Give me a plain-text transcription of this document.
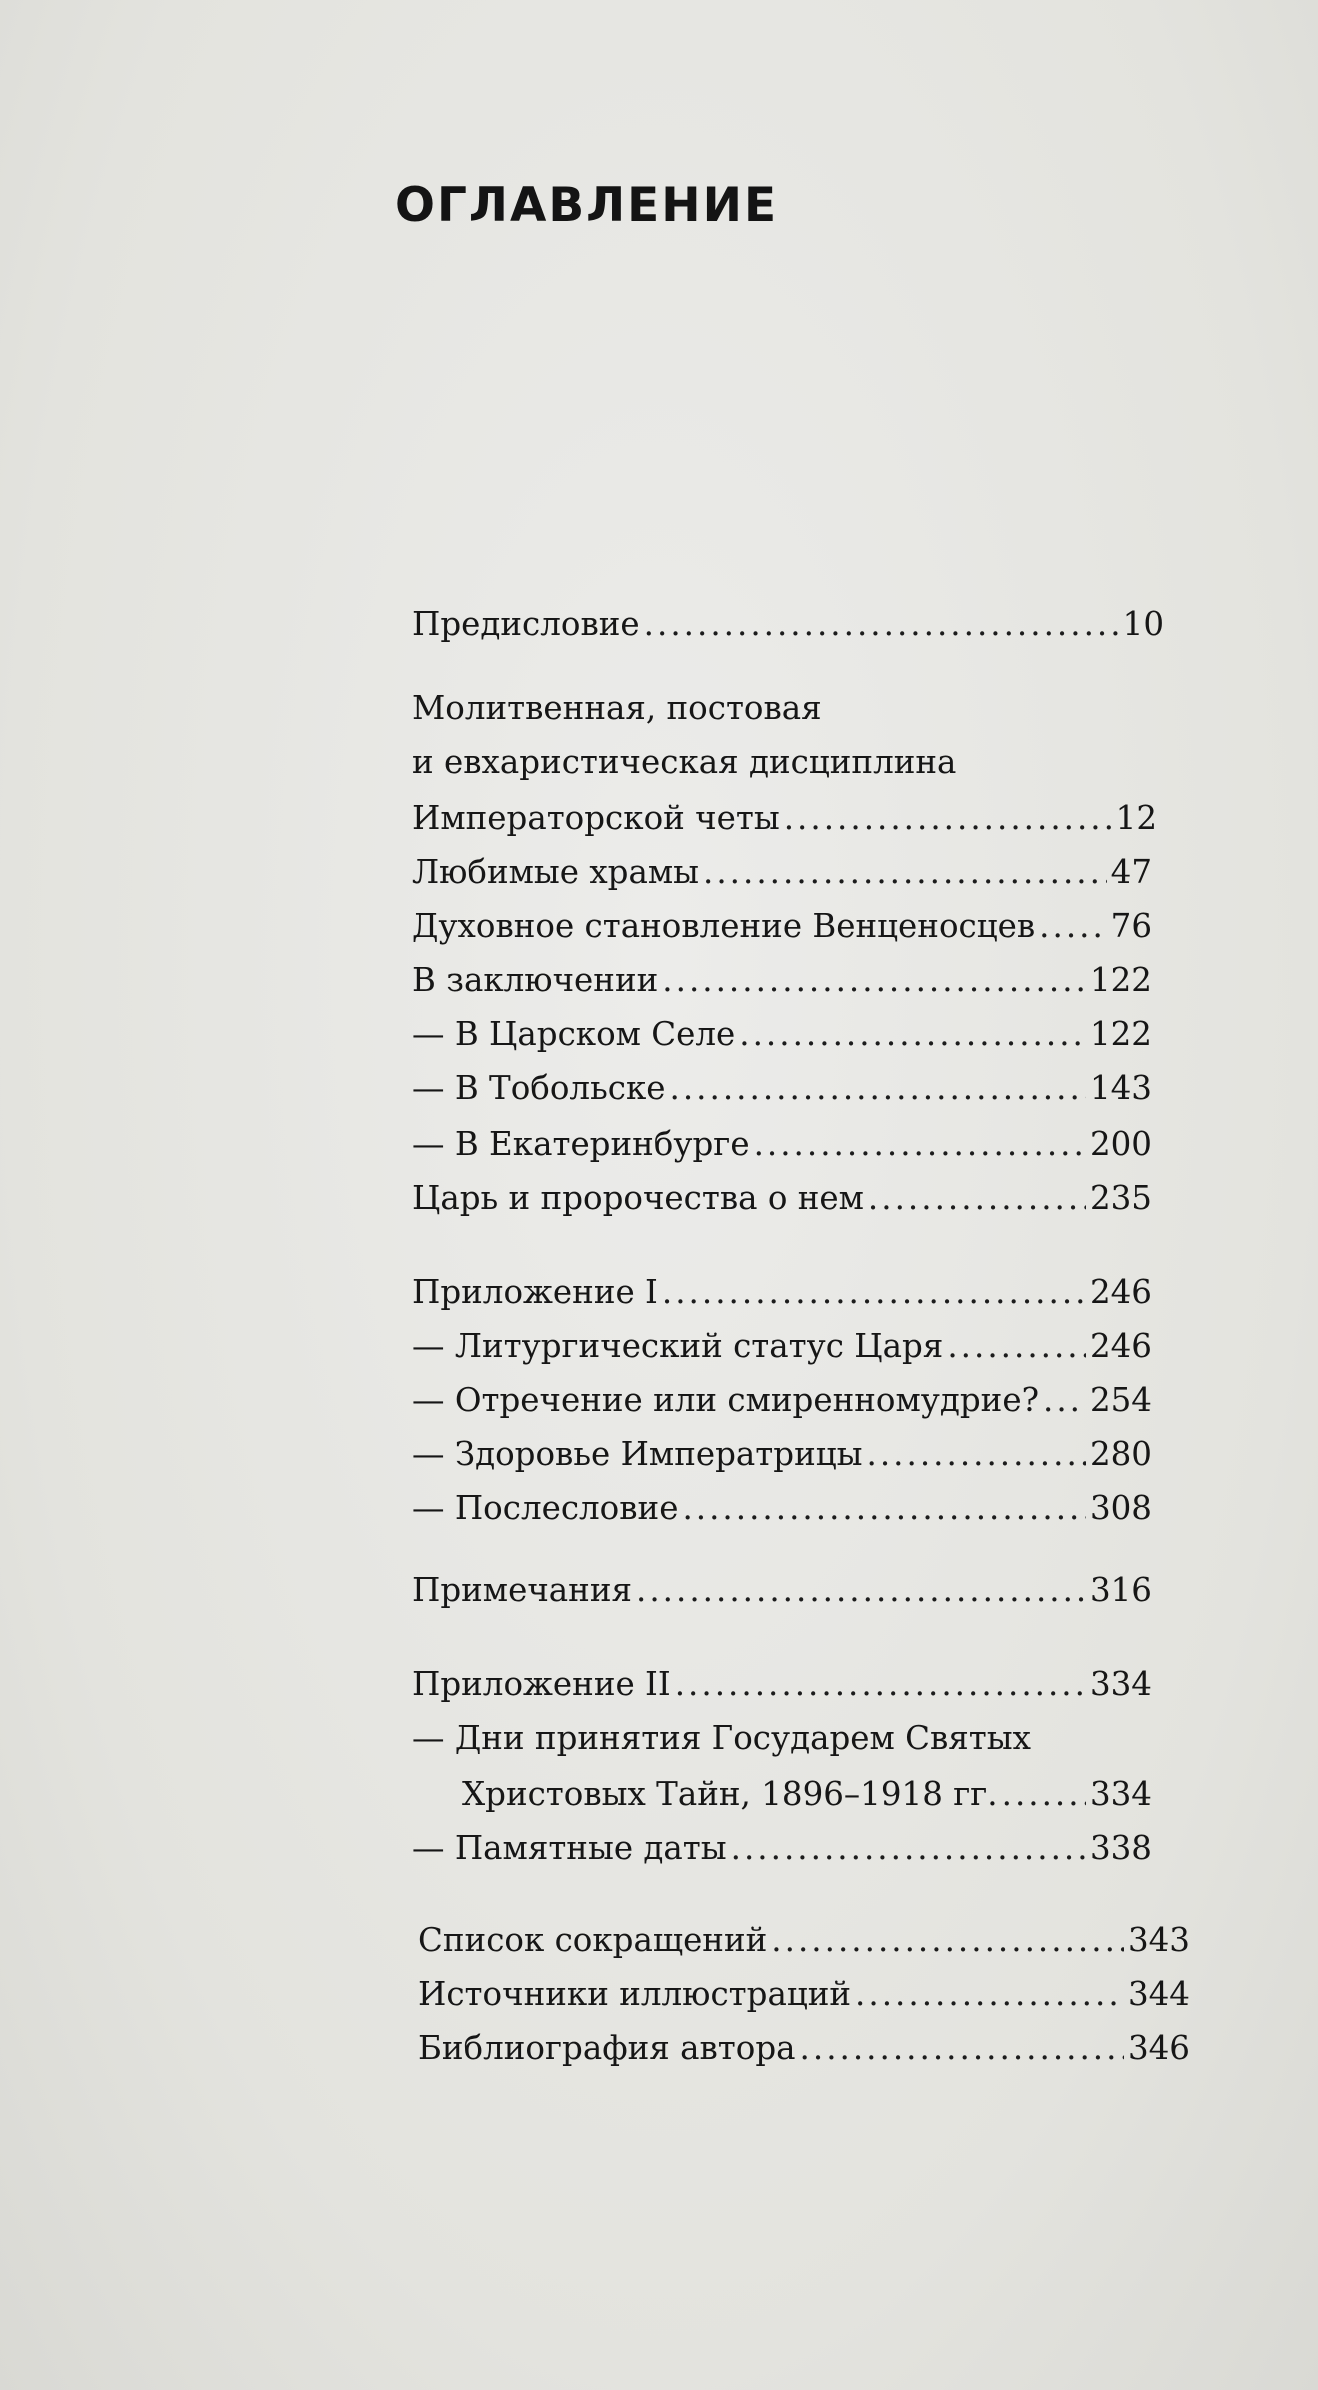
ОГЛАВЛЕНИЕ
Предисловие .....	10
Молитвенная, постовая
и евхаристическая дисциплина
Императорской четы .....	12
Любимые храмы .....	47
Духовное становление Венценосцев ..... 76
В заключении .....	122
— В Царском Селе .....	122
— В Тобольске .....	143
— В Екатеринбурге .....	200
Царь и пророчества о нем .....	235
Приложение I .....	246
— Литургический статус Царя .....	246
— Отречение или смиренномудрие? ..... 254
— Здоровье Императрицы .....	280
— Послесловие .....	308
Примечания .....	316
Приложение II .....	334
— Дни принятия Государем Святых
Христовых Тайн, 1896–1918 гг. .....	334
— Памятные даты .....	338
Список сокращений .....	343
Источники иллюстраций .....	344
Библиография автора .....	346
